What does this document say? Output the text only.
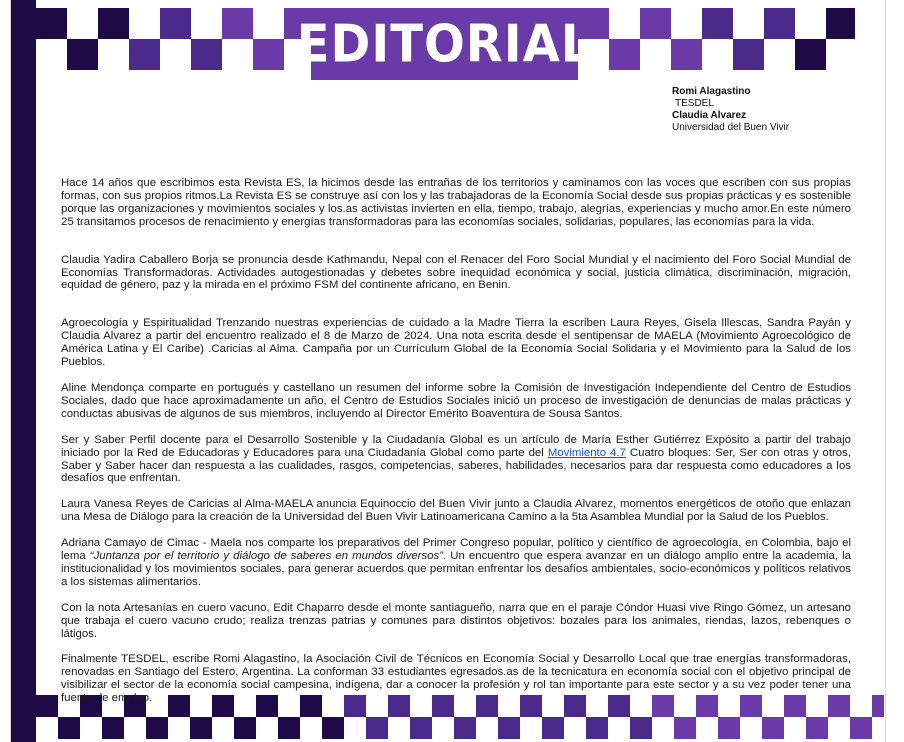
EDITORIAL
Romi Alagastino
TESDEL
Claudia Alvarez
Universidad del Buen Vivir

Hace 14 años que escribimos esta Revista ES, la hicimos desde las entrañas de los territorios y caminamos con las voces que escriben con sus propias formas, con sus propios ritmos.La Revista ES se construye así con los y las trabajadoras de la Economía Social desde sus propias prácticas y es sostenible porque las organizaciones y movimientos sociales y los.as activistas invierten en ella, tiempo, trabajo, alegrías, experiencias y mucho amor.En este número 25 transitamos procesos de renacimiento y energías transformadoras para las economías sociales, solidarias, populares, las economías para la vida.

Claudia Yadira Caballero Borja se pronuncia desde Kathmandu, Nepal con el Renacer del Foro Social Mundial y el nacimiento del Foro Social Mundial de Economías Transformadoras. Actividades autogestionadas y debetes sobre inequidad económica y social, justicia climática, discriminación, migración, equidad de género, paz y la mirada en el próximo FSM del continente africano, en Benin.

Agroecología y Espiritualidad Trenzando nuestras experiencias de cuidado a la Madre Tierra la escriben Laura Reyes, Gisela Illescas, Sandra Payán y Claudia Alvarez a partir del encuentro realizado el 8 de Marzo de 2024. Una nota escrita desde el sentipensar de MAELA (Movimiento Agroecológico de América Latina y El Caribe) .Caricias al Alma. Campaña por un Currículum Global de la Economía Social Solidaria y el Movimiento para la Salud de los Pueblos.

Aline Mendonça comparte en portugués y castellano un resumen del informe sobre la Comisión de Investigación Independiente del Centro de Estudios Sociales, dado que hace aproximadamente un año, el Centro de Estudios Sociales inició un proceso de investigación de denuncias de malas prácticas y conductas abusivas de algunos de sus miembros, incluyendo al Director Emérito Boaventura de Sousa Santos.

Ser y Saber Perfil docente para el Desarrollo Sostenible y la Ciudadanía Global es un artículo de María Esther Gutiérrez Expósito a partir del trabajo iniciado por la Red de Educadoras y Educadores para una Ciudadanía Global como parte del Movimiento 4.7 Cuatro bloques: Ser, Ser con otras y otros, Saber y Saber hacer dan respuesta a las cualidades, rasgos, competencias, saberes, habilidades, necesarios para dar respuesta como educadores a los desafíos que enfrentan.

Laura Vanesa Reyes de Caricias al Alma-MAELA anuncia Equinoccio del Buen Vivir junto a Claudia Alvarez, momentos energéticos de otoño que enlazan una Mesa de Diálogo para la creación de la Universidad del Buen Vivir Latinoamericana Camino a la 5ta Asamblea Mundial por la Salud de los Pueblos.

Adriana Camayo de Cimac - Maela nos comparte los preparativos del Primer Congreso popular, político y científico de agroecología, en Colombia, bajo el lema “Juntanza por el territorio y diálogo de saberes en mundos diversos”. Un encuentro que espera avanzar en un diálogo amplio entre la academia, la institucionalidad y los movimientos sociales, para generar acuerdos que permitan enfrentar los desafíos ambientales, socio-económicos y políticos relativos a los sistemas alimentarios.

Con la nota Artesanías en cuero vacuno, Edit Chaparro desde el monte santiagueño, narra que en el paraje Cóndor Huasi vive Ringo Gómez, un artesano que trabaja el cuero vacuno crudo; realiza trenzas patrias y comunes para distintos objetivos: bozales para los animales, riendas, lazos, rebenques o látigos.

Finalmente TESDEL, escribe Romi Alagastino, la Asociación Civil de Técnicos en Economía Social y Desarrollo Local que trae energías transformadoras, renovadas en Santiago del Estero, Argentina. La conforman 33 estudiantes egresados.as de la tecnicatura en economía social con el objetivo principal de visibilizar el sector de la economía social campesina, indígena, dar a conocer la profesión y rol tan importante para este sector y a su vez poder tener una fuente de empleo.
